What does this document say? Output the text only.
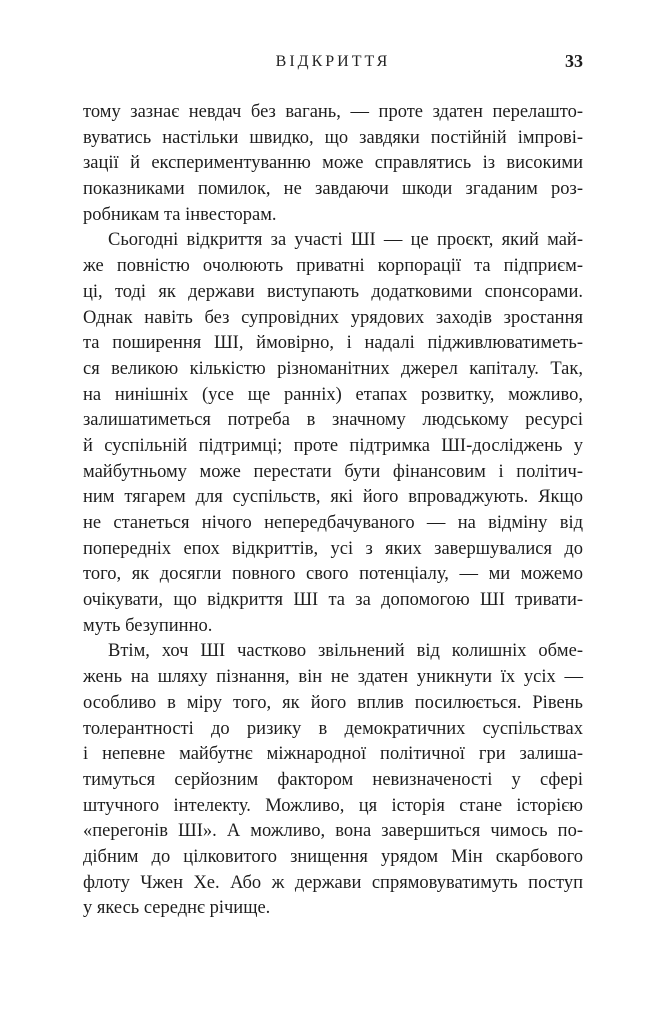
ВІДКРИТТЯ	33
тому зазнає невдач без вагань, — проте здатен перелашто-
вуватись настільки швидко, що завдяки постійній імпрові-
зації й експериментуванню може справлятись із високими
показниками помилок, не завдаючи шкоди згаданим роз-
робникам та інвесторам.
Сьогодні відкриття за участі ШІ — це проєкт, який май-
же повністю очолюють приватні корпорації та підприєм-
ці, тоді як держави виступають додатковими спонсорами.
Однак навіть без супровідних урядових заходів зростання
та поширення ШІ, ймовірно, і надалі підживлюватиметь-
ся великою кількістю різноманітних джерел капіталу. Так,
на нинішніх (усе ще ранніх) етапах розвитку, можливо,
залишатиметься потреба в значному людському ресурсі
й суспільній підтримці; проте підтримка ШІ-досліджень у
майбутньому може перестати бути фінансовим і політич-
ним тягарем для суспільств, які його впроваджують. Якщо
не станеться нічого непередбачуваного — на відміну від
попередніх епох відкриттів, усі з яких завершувалися до
того, як досягли повного свого потенціалу, — ми можемо
очікувати, що відкриття ШІ та за допомогою ШІ тривати-
муть безупинно.
Втім, хоч ШІ частково звільнений від колишніх обме-
жень на шляху пізнання, він не здатен уникнути їх усіх —
особливо в міру того, як його вплив посилюється. Рівень
толерантності до ризику в демократичних суспільствах
і непевне майбутнє міжнародної політичної гри залиша-
тимуться серйозним фактором невизначеності у сфері
штучного інтелекту. Можливо, ця історія стане історією
«перегонів ШІ». А можливо, вона завершиться чимось по-
дібним до цілковитого знищення урядом Мін скарбового
флоту Чжен Хе. Або ж держави спрямовуватимуть поступ
у якесь середнє річище.
